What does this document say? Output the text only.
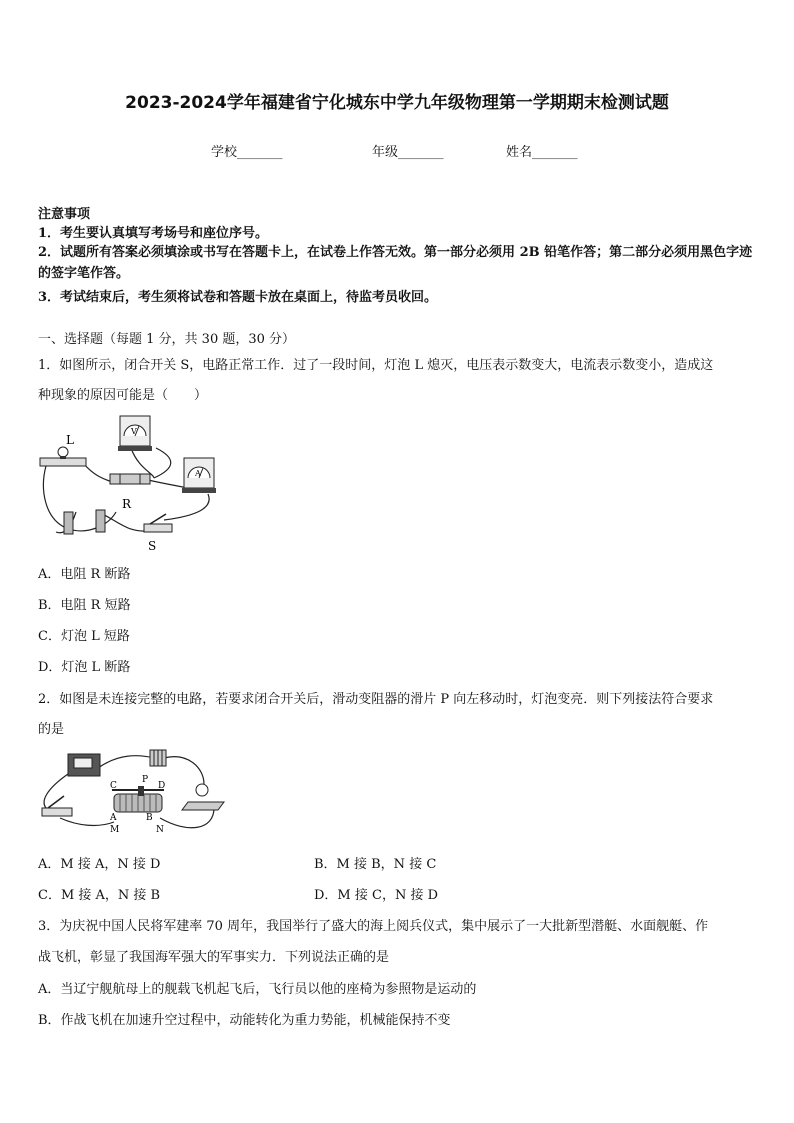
2023-2024学年福建省宁化城东中学九年级物理第一学期期末检测试题
学校_______	年级_______	姓名_______
注意事项
1．考生要认真填写考场号和座位序号。
2．试题所有答案必须填涂或书写在答题卡上，在试卷上作答无效。第一部分必须用 2B 铅笔作答；第二部分必须用黑色字迹的签字笔作答。
3．考试结束后，考生须将试卷和答题卡放在桌面上，待监考员收回。
一、选择题（每题 1 分，共 30 题，30 分）
1．如图所示，闭合开关 S，电路正常工作．过了一段时间，灯泡 L 熄灭，电压表示数变大，电流表示数变小，造成这
种现象的原因可能是（　　）
L
R
S
V
A
A．电阻 R 断路
B．电阻 R 短路
C．灯泡 L 短路
D．灯泡 L 断路
2．如图是未连接完整的电路，若要求闭合开关后，滑动变阻器的滑片 P 向左移动时，灯泡变亮．则下列接法符合要求
的是
C
P
D
A	B
M	N
A．M 接 A，N 接 D	B．M 接 B，N 接 C
C．M 接 A，N 接 B	D．M 接 C，N 接 D
3．为庆祝中国人民将军建率 70 周年，我国举行了盛大的海上阅兵仪式，集中展示了一大批新型潜艇、水面舰艇、作
战飞机，彰显了我国海军强大的军事实力．下列说法正确的是
A．当辽宁舰航母上的舰载飞机起飞后，飞行员以他的座椅为参照物是运动的
B．作战飞机在加速升空过程中，动能转化为重力势能，机械能保持不变
